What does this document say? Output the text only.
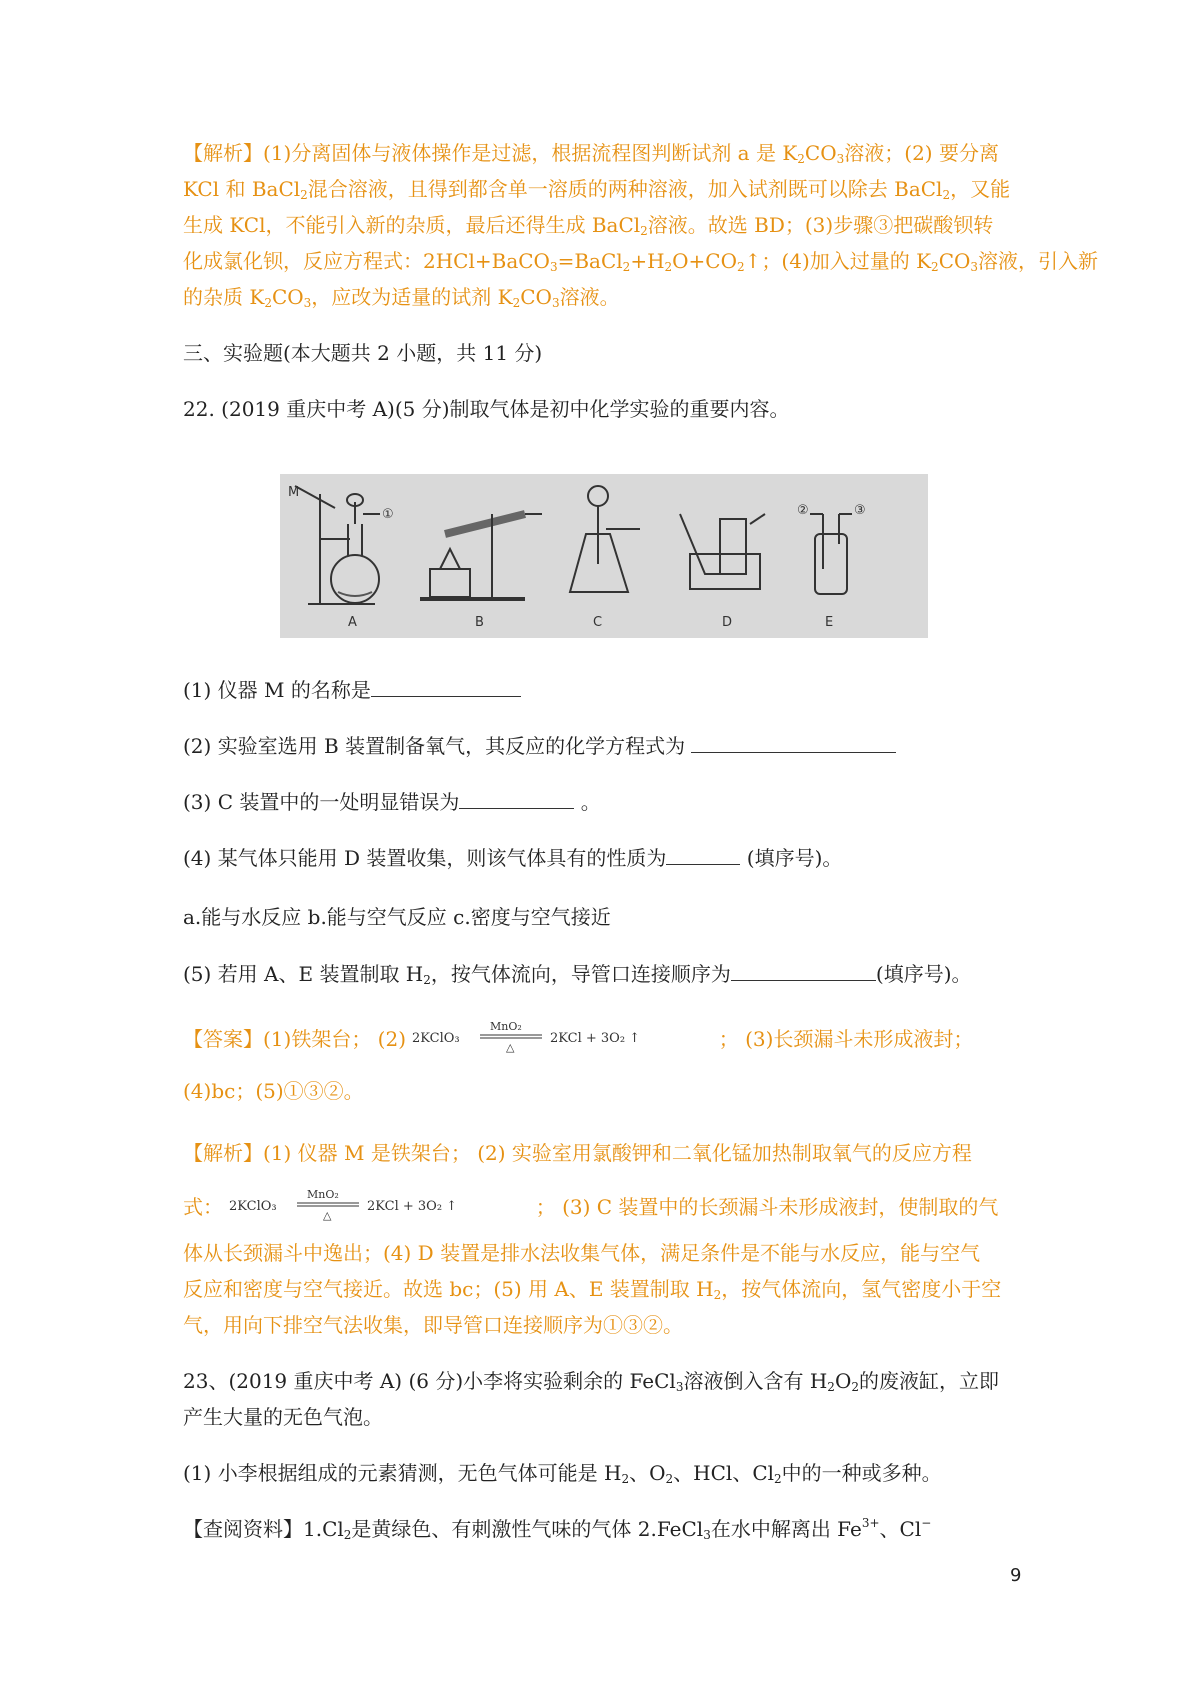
【解析】(1)分离固体与液体操作是过滤，根据流程图判断试剂 a 是 $K_2CO_3$溶液；(2) 要分离
KCl 和 BaCl$_2$混合溶液，且得到都含单一溶质的两种溶液，加入试剂既可以除去 BaCl$_2$，又能
生成 KCl，不能引入新的杂质，最后还得生成 BaCl$_2$溶液。故选 BD；(3)步骤③把碳酸钡转
化成氯化钡，反应方程式：$2HCl+BaCO_3=BaCl_2+H_2O+CO_2↑$；(4)加入过量的 $K_2CO_3$溶液，引入新
的杂质 $K_2CO_3$，应改为适量的试剂 $K_2CO_3$溶液。
三、实验题(本大题共 2 小题，共 11 分)
22. (2019 重庆中考 A)(5 分)制取气体是初中化学实验的重要内容。
M
①	②	③
A	B	C	D	E
(1) 仪器 M 的名称是
(2) 实验室选用 B 装置制备氧气，其反应的化学方程式为
(3) C 装置中的一处明显错误为	。
(4) 某气体只能用 D 装置收集，则该气体具有的性质为	(填序号)。
a.能与水反应 b.能与空气反应 c.密度与空气接近
(5) 若用 A、E 装置制取 $H_2$，按气体流向，导管口连接顺序为	(填序号)。
【答案】(1)铁架台； (2) 2KClO₃
MnO₂
△
2KCl + 3O₂ ↑	； (3)长颈漏斗未形成液封；
(4)bc；(5)①③②。
【解析】(1) 仪器 M 是铁架台； (2) 实验室用氯酸钾和二氧化锰加热制取氧气的反应方程
式： 2KClO₃
MnO₂
△
2KCl + 3O₂ ↑	； (3) C 装置中的长颈漏斗未形成液封，使制取的气
体从长颈漏斗中逸出；(4) D 装置是排水法收集气体，满足条件是不能与水反应，能与空气
反应和密度与空气接近。故选 bc；(5) 用 A、E 装置制取 $H_2$，按气体流向，氢气密度小于空
气，用向下排空气法收集，即导管口连接顺序为①③②。
23、(2019 重庆中考 A) (6 分)小李将实验剩余的 FeCl$_3$溶液倒入含有 $H_2O_2$的废液缸，立即
产生大量的无色气泡。
(1) 小李根据组成的元素猜测，无色气体可能是 $H_2$、$O_2$、HCl、$Cl_2$中的一种或多种。
【查阅资料】$1.Cl_2$是黄绿色、有刺激性气味的气体 2.FeCl$_3$在水中解离出 $Fe^{3+}$、Cl−
9
